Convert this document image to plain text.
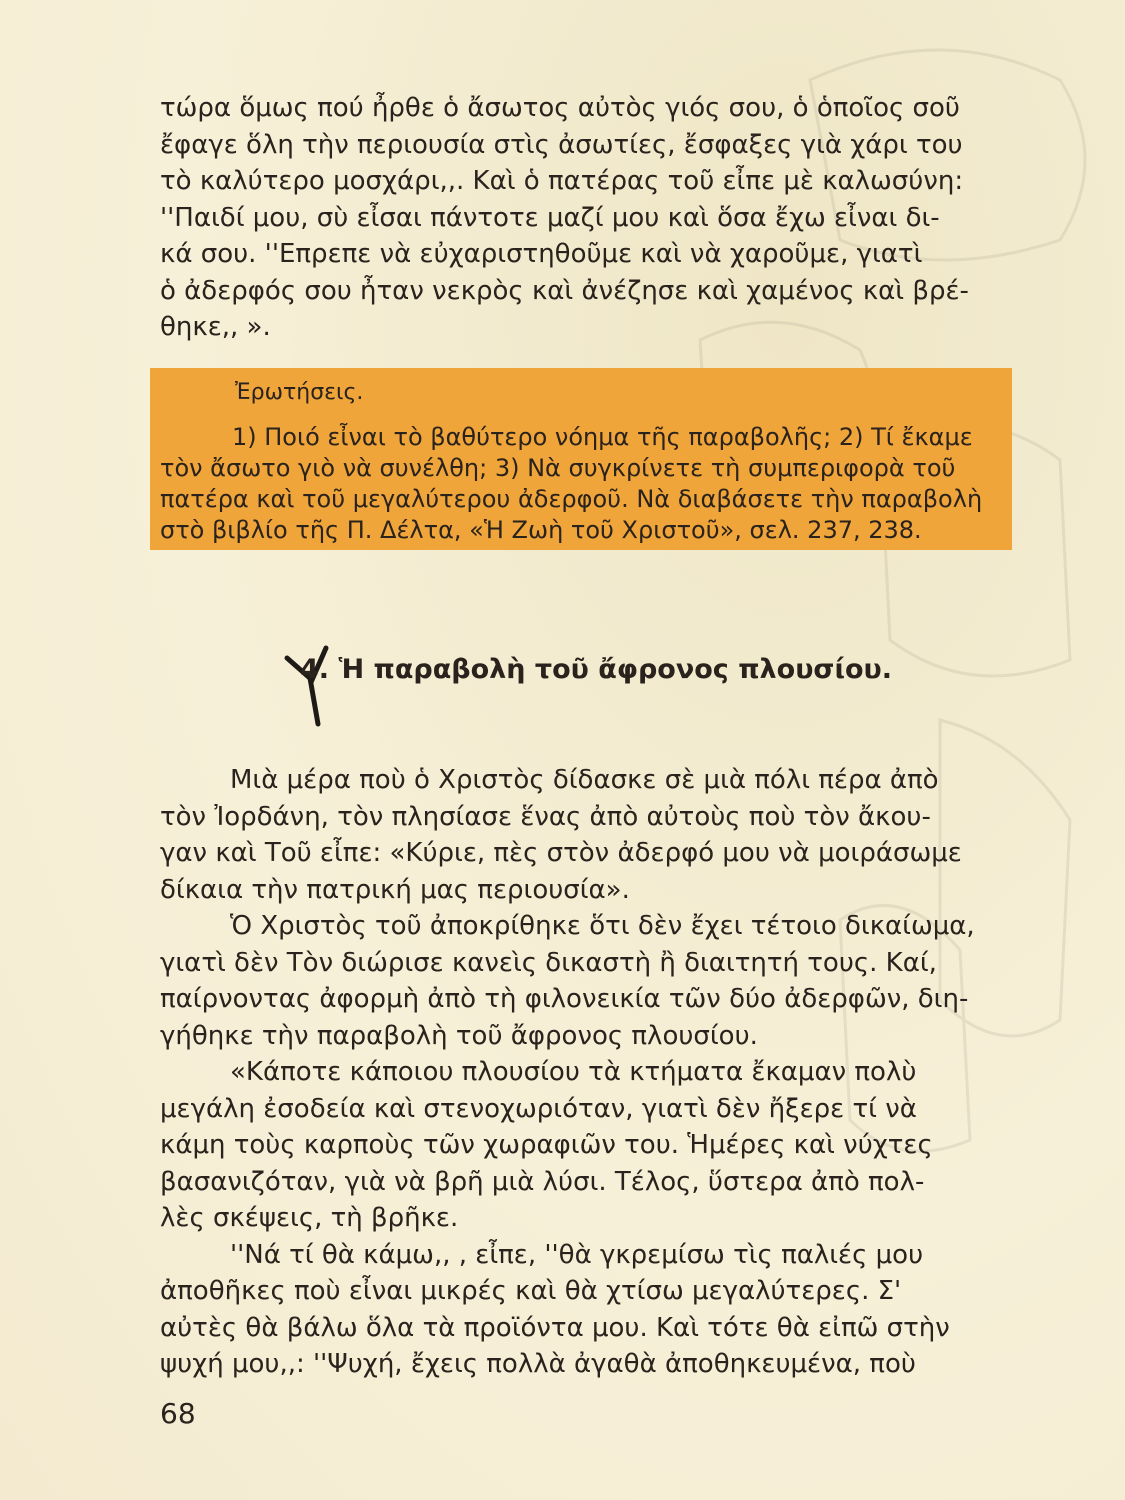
τώρα ὅμως πού ἦρθε ὁ ἄσωτος αὐτὸς γιός σου, ὁ ὁποῖος σοῦ
ἔφαγε ὅλη τὴν περιουσία στὶς ἀσωτίες, ἔσφαξες γιὰ χάρι του
τὸ καλύτερο μοσχάρι,,. Καὶ ὁ πατέρας τοῦ εἶπε μὲ καλωσύνη:
''Παιδί μου, σὺ εἶσαι πάντοτε μαζί μου καὶ ὅσα ἔχω εἶναι δι-
κά σου. ''Επρεπε νὰ εὐχαριστηθοῦμε καὶ νὰ χαροῦμε, γιατὶ
ὁ ἀδερφός σου ἦταν νεκρὸς καὶ ἀνέζησε καὶ χαμένος καὶ βρέ-
θηκε,, ».

Ἐρωτήσεις.

1) Ποιό εἶναι τὸ βαθύτερο νόημα τῆς παραβολῆς; 2) Τί ἔκαμε
τὸν ἄσωτο γιὸ νὰ συνέλθη; 3) Νὰ συγκρίνετε τὴ συμπεριφορὰ τοῦ
πατέρα καὶ τοῦ μεγαλύτερου ἀδερφοῦ. Νὰ διαβάσετε τὴν παραβολὴ
στὸ βιβλίο τῆς Π. Δέλτα, «Ἡ Ζωὴ τοῦ Χριστοῦ», σελ. 237, 238.

4. Ἡ παραβολὴ τοῦ ἄφρονος πλουσίου.

Μιὰ μέρα ποὺ ὁ Χριστὸς δίδασκε σὲ μιὰ πόλι πέρα ἀπὸ
τὸν Ἰορδάνη, τὸν πλησίασε ἕνας ἀπὸ αὐτοὺς ποὺ τὸν ἄκου-
γαν καὶ Τοῦ εἶπε: «Κύριε, πὲς στὸν ἀδερφό μου νὰ μοιράσωμε
δίκαια τὴν πατρική μας περιουσία».
Ὁ Χριστὸς τοῦ ἀποκρίθηκε ὅτι δὲν ἔχει τέτοιο δικαίωμα,
γιατὶ δὲν Τὸν διώρισε κανεὶς δικαστὴ ἢ διαιτητή τους. Καί,
παίρνοντας ἀφορμὴ ἀπὸ τὴ φιλονεικία τῶν δύο ἀδερφῶν, διη-
γήθηκε τὴν παραβολὴ τοῦ ἄφρονος πλουσίου.
«Κάποτε κάποιου πλουσίου τὰ κτήματα ἔκαμαν πολὺ
μεγάλη ἐσοδεία καὶ στενοχωριόταν, γιατὶ δὲν ἤξερε τί νὰ
κάμη τοὺς καρποὺς τῶν χωραφιῶν του. Ἡμέρες καὶ νύχτες
βασανιζόταν, γιὰ νὰ βρῆ μιὰ λύσι. Τέλος, ὕστερα ἀπὸ πολ-
λὲς σκέψεις, τὴ βρῆκε.
''Νά τί θὰ κάμω,, , εἶπε, ''θὰ γκρεμίσω τὶς παλιές μου
ἀποθῆκες ποὺ εἶναι μικρές καὶ θὰ χτίσω μεγαλύτερες. Σ'
αὐτὲς θὰ βάλω ὅλα τὰ προϊόντα μου. Καὶ τότε θὰ εἰπῶ στὴν
ψυχή μου,,: ''Ψυχή, ἔχεις πολλὰ ἀγαθὰ ἀποθηκευμένα, ποὺ

68
